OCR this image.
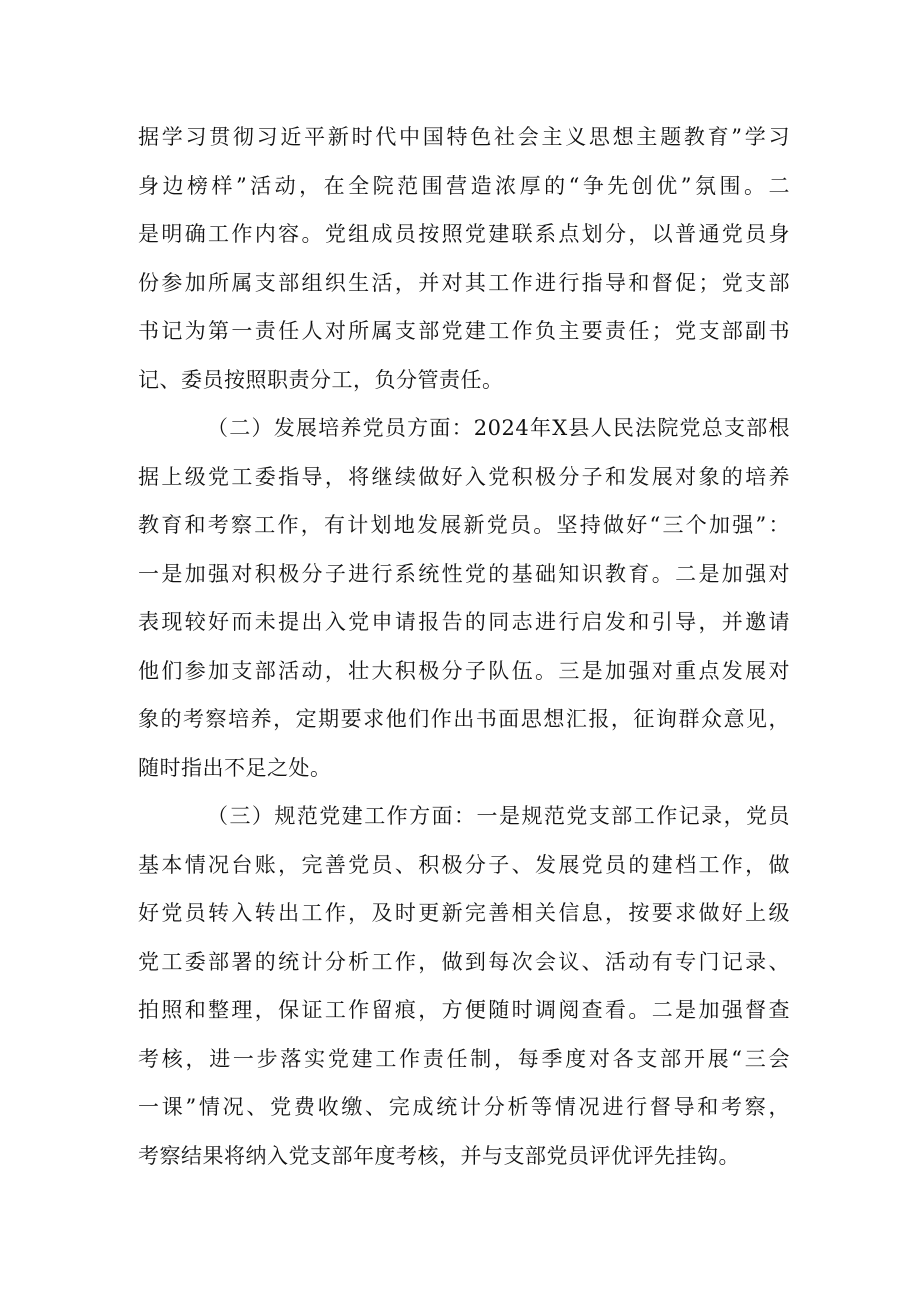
据学习贯彻习近平新时代中国特色社会主义思想主题教育”学习
身边榜样”活动，在全院范围营造浓厚的“争先创优”氛围。二
是明确工作内容。党组成员按照党建联系点划分，以普通党员身
份参加所属支部组织生活，并对其工作进行指导和督促；党支部
书记为第一责任人对所属支部党建工作负主要责任；党支部副书
记、委员按照职责分工，负分管责任。
（二）发展培养党员方面：2024年X县人民法院党总支部根
据上级党工委指导，将继续做好入党积极分子和发展对象的培养
教育和考察工作，有计划地发展新党员。坚持做好“三个加强”：
一是加强对积极分子进行系统性党的基础知识教育。二是加强对
表现较好而未提出入党申请报告的同志进行启发和引导，并邀请
他们参加支部活动，壮大积极分子队伍。三是加强对重点发展对
象的考察培养，定期要求他们作出书面思想汇报，征询群众意见，
随时指出不足之处。
（三）规范党建工作方面：一是规范党支部工作记录，党员
基本情况台账，完善党员、积极分子、发展党员的建档工作，做
好党员转入转出工作，及时更新完善相关信息，按要求做好上级
党工委部署的统计分析工作，做到每次会议、活动有专门记录、
拍照和整理，保证工作留痕，方便随时调阅查看。二是加强督查
考核，进一步落实党建工作责任制，每季度对各支部开展“三会
一课”情况、党费收缴、完成统计分析等情况进行督导和考察，
考察结果将纳入党支部年度考核，并与支部党员评优评先挂钩。
